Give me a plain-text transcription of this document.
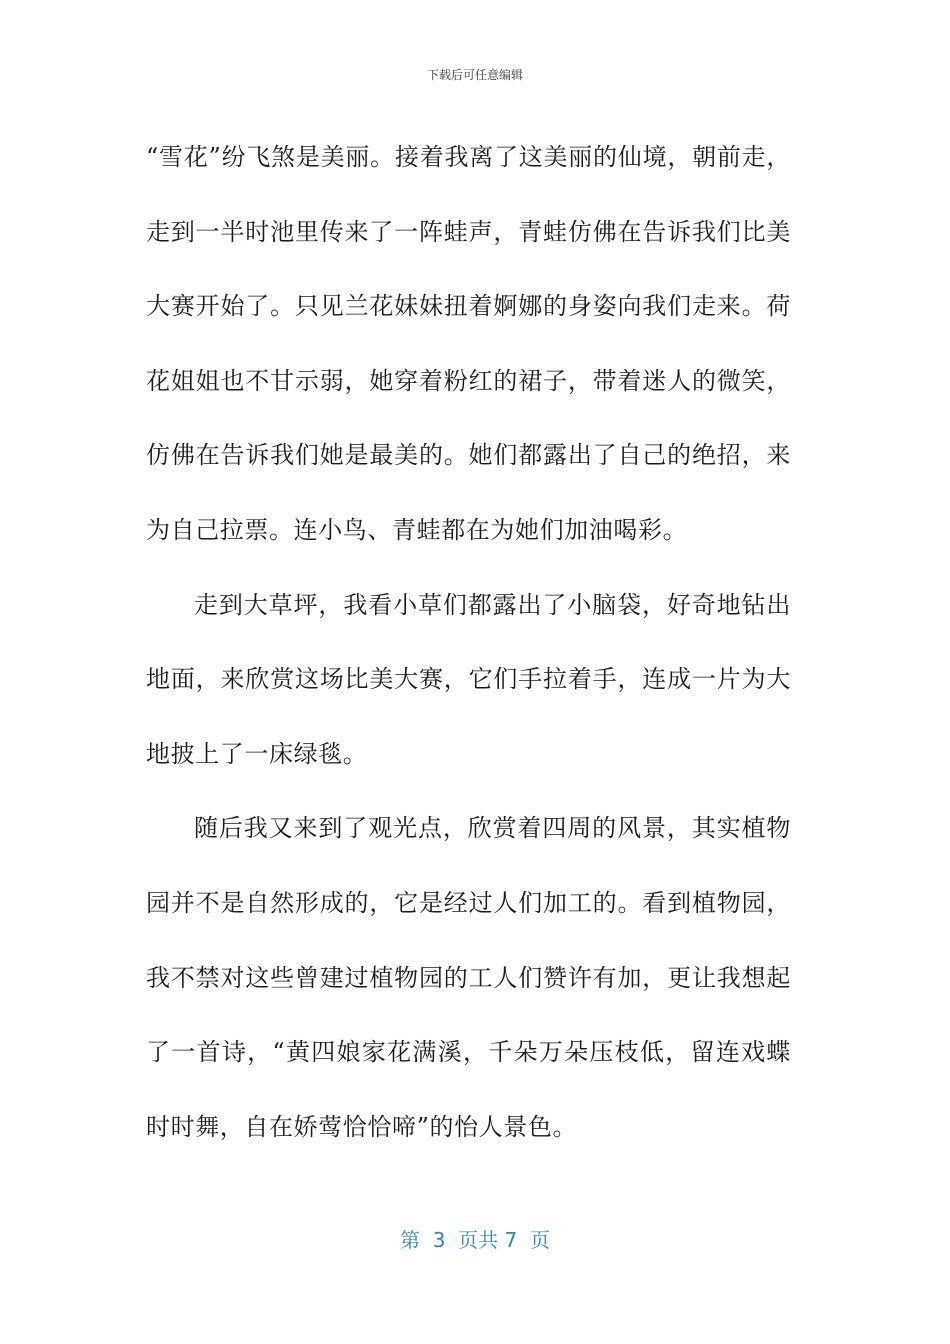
下载后可任意编辑

“雪花”纷飞煞是美丽。接着我离了这美丽的仙境，朝前走，走到一半时池里传来了一阵蛙声，青蛙仿佛在告诉我们比美大赛开始了。只见兰花妹妹扭着婀娜的身姿向我们走来。荷花姐姐也不甘示弱，她穿着粉红的裙子，带着迷人的微笑，仿佛在告诉我们她是最美的。她们都露出了自己的绝招，来为自己拉票。连小鸟、青蛙都在为她们加油喝彩。

走到大草坪，我看小草们都露出了小脑袋，好奇地钻出地面，来欣赏这场比美大赛，它们手拉着手，连成一片为大地披上了一床绿毯。

随后我又来到了观光点，欣赏着四周的风景，其实植物园并不是自然形成的，它是经过人们加工的。看到植物园，我不禁对这些曾建过植物园的工人们赞许有加，更让我想起了一首诗，“黄四娘家花满溪，千朵万朵压枝低，留连戏蝶时时舞，自在娇莺恰恰啼”的怡人景色。

第  3  页共 7  页
